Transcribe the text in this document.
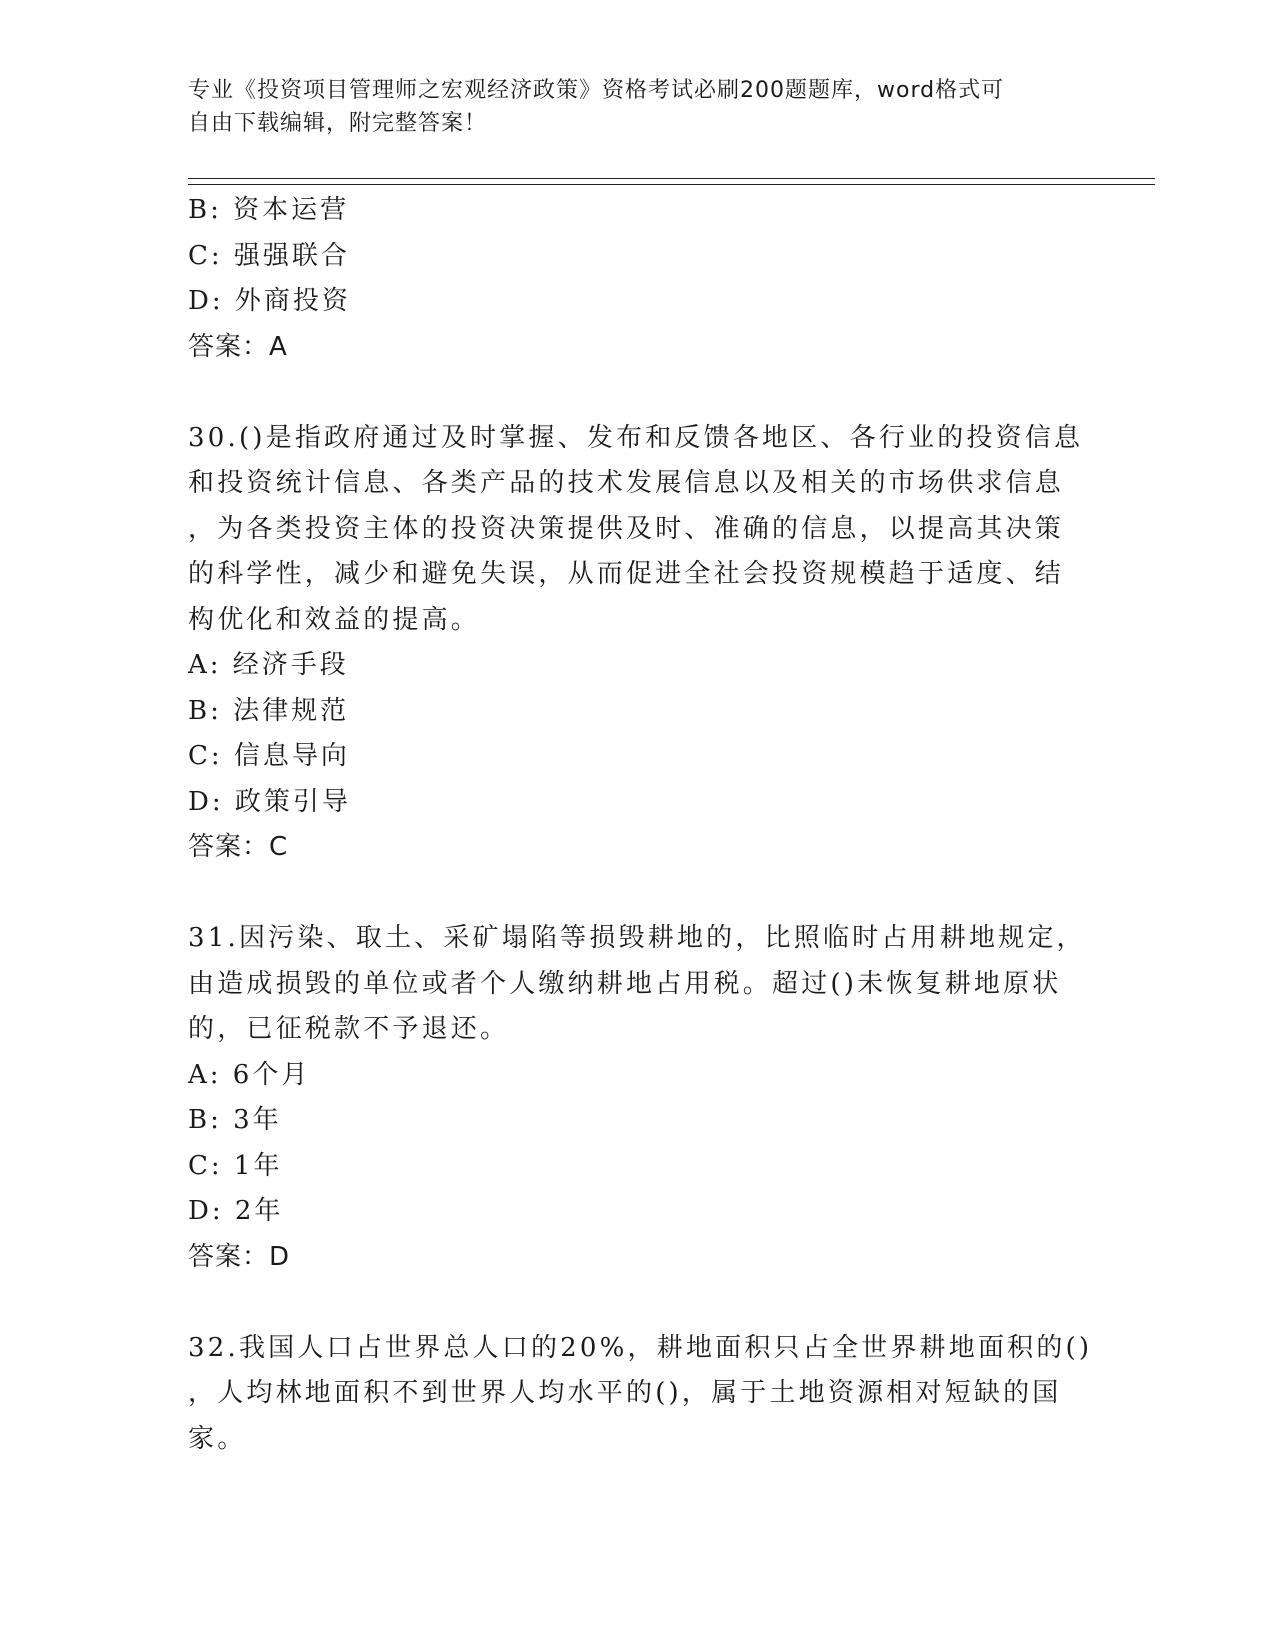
专业《投资项目管理师之宏观经济政策》资格考试必刷200题题库，word格式可
自由下载编辑，附完整答案！
B: 资本运营
C: 强强联合
D: 外商投资
答案：A
30.()是指政府通过及时掌握、发布和反馈各地区、各行业的投资信息
和投资统计信息、各类产品的技术发展信息以及相关的市场供求信息
，为各类投资主体的投资决策提供及时、准确的信息，以提高其决策
的科学性，减少和避免失误，从而促进全社会投资规模趋于适度、结
构优化和效益的提高。
A: 经济手段
B: 法律规范
C: 信息导向
D: 政策引导
答案：C
31.因污染、取土、采矿塌陷等损毁耕地的，比照临时占用耕地规定，
由造成损毁的单位或者个人缴纳耕地占用税。超过()未恢复耕地原状
的，已征税款不予退还。
A: 6个月
B: 3年
C: 1年
D: 2年
答案：D
32.我国人口占世界总人口的20%，耕地面积只占全世界耕地面积的()
，人均林地面积不到世界人均水平的()，属于土地资源相对短缺的国
家。
